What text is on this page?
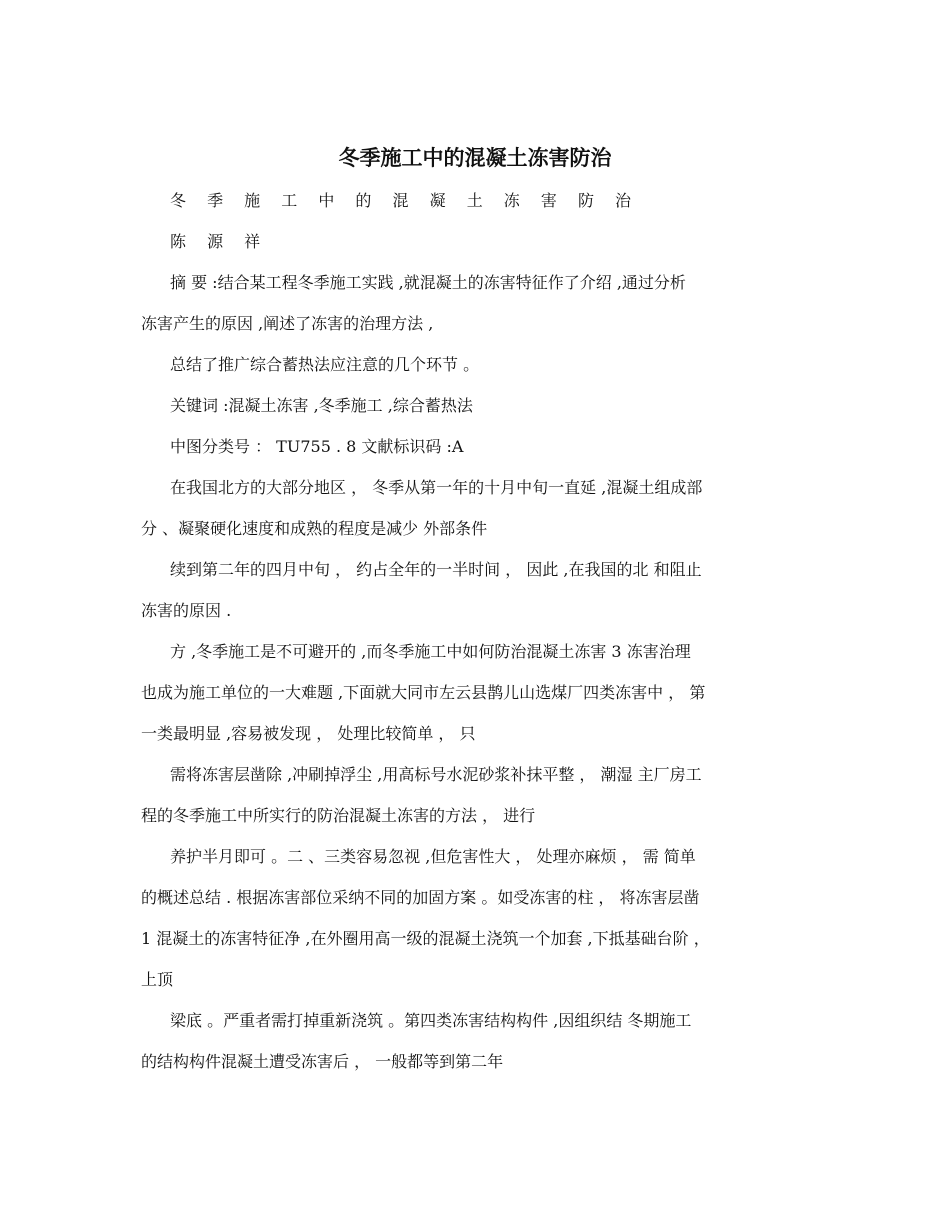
冬季施工中的混凝土冻害防治

冬 季 施 工 中 的 混 凝 土 冻 害 防 治

陈 源 祥

摘 要 :结合某工程冬季施工实践 ,就混凝土的冻害特征作了介绍 ,通过分析

冻害产生的原因 ,阐述了冻害的治理方法 ,

总结了推广综合蓄热法应注意的几个环节 。

关键词 :混凝土冻害 ,冬季施工 ,综合蓄热法

中图分类号 ： TU755 . 8 文献标识码 :A

在我国北方的大部分地区 ， 冬季从第一年的十月中旬一直延 ,混凝土组成部

分 、凝聚硬化速度和成熟的程度是减少 外部条件

续到第二年的四月中旬 ， 约占全年的一半时间 ， 因此 ,在我国的北 和阻止

冻害的原因 .

方 ,冬季施工是不可避开的 ,而冬季施工中如何防治混凝土冻害 3 冻害治理

也成为施工单位的一大难题 ,下面就大同市左云县鹊儿山选煤厂四类冻害中 ， 第

一类最明显 ,容易被发现 ， 处理比较简单 ， 只

需将冻害层凿除 ,冲刷掉浮尘 ,用高标号水泥砂浆补抹平整 ， 潮湿 主厂房工

程的冬季施工中所实行的防治混凝土冻害的方法 ， 进行

养护半月即可 。二 、三类容易忽视 ,但危害性大 ， 处理亦麻烦 ， 需 简单

的概述总结 . 根据冻害部位采纳不同的加固方案 。如受冻害的柱 ， 将冻害层凿

1 混凝土的冻害特征净 ,在外圈用高一级的混凝土浇筑一个加套 ,下抵基础台阶 ，

上顶

梁底 。严重者需打掉重新浇筑 。第四类冻害结构构件 ,因组织结 冬期施工

的结构构件混凝土遭受冻害后 ， 一般都等到第二年
